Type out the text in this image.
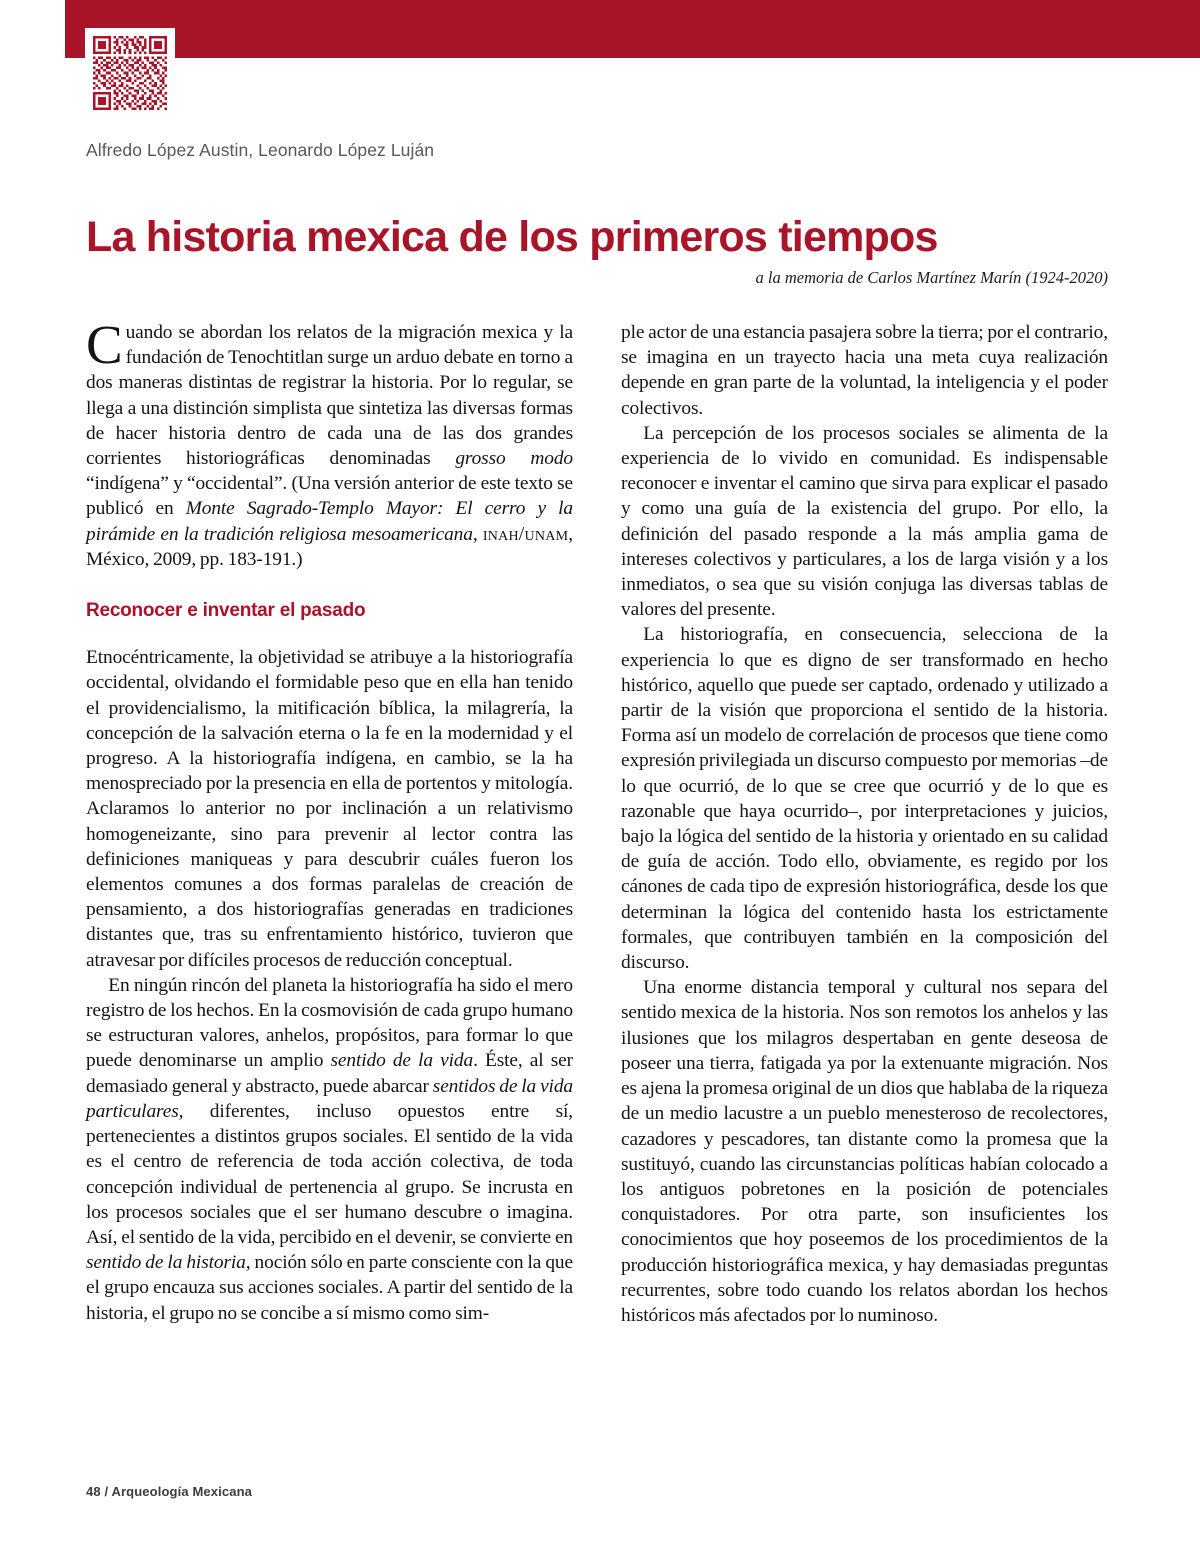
Alfredo López Austin, Leonardo López Luján
La historia mexica de los primeros tiempos
a la memoria de Carlos Martínez Marín (1924-2020)

Cuando se abordan los relatos de la migración mexica y la fundación de Tenochtitlan surge un arduo debate en torno a dos maneras distintas de registrar la historia. Por lo regular, se llega a una distinción simplista que sintetiza las diversas formas de hacer historia dentro de cada una de las dos grandes corrientes historiográficas denominadas grosso modo “indígena” y “occidental”. (Una versión anterior de este texto se publicó en Monte Sagrado-Templo Mayor: El cerro y la pirámide en la tradición religiosa mesoamericana, inah/unam, México, 2009, pp. 183-191.)

Reconocer e inventar el pasado

Etnocéntricamente, la objetividad se atribuye a la historiografía occidental, olvidando el formidable peso que en ella han tenido el providencialismo, la mitificación bíblica, la milagrería, la concepción de la salvación eterna o la fe en la modernidad y el progreso. A la historiografía indígena, en cambio, se la ha menospreciado por la presencia en ella de portentos y mitología. Aclaramos lo anterior no por inclinación a un relativismo homogeneizante, sino para prevenir al lector contra las definiciones maniqueas y para descubrir cuáles fueron los elementos comunes a dos formas paralelas de creación de pensamiento, a dos historiografías generadas en tradiciones distantes que, tras su enfrentamiento histórico, tuvieron que atravesar por difíciles procesos de reducción conceptual.

En ningún rincón del planeta la historiografía ha sido el mero registro de los hechos. En la cosmovisión de cada grupo humano se estructuran valores, anhelos, propósitos, para formar lo que puede denominarse un amplio sentido de la vida. Éste, al ser demasiado general y abstracto, puede abarcar sentidos de la vida particulares, diferentes, incluso opuestos entre sí, pertenecientes a distintos grupos sociales. El sentido de la vida es el centro de referencia de toda acción colectiva, de toda concepción individual de pertenencia al grupo. Se incrusta en los procesos sociales que el ser humano descubre o imagina. Así, el sentido de la vida, percibido en el devenir, se convierte en sentido de la historia, noción sólo en parte consciente con la que el grupo encauza sus acciones sociales. A partir del sentido de la historia, el grupo no se concibe a sí mismo como sim-

ple actor de una estancia pasajera sobre la tierra; por el contrario, se imagina en un trayecto hacia una meta cuya realización depende en gran parte de la voluntad, la inteligencia y el poder colectivos.

La percepción de los procesos sociales se alimenta de la experiencia de lo vivido en comunidad. Es indispensable reconocer e inventar el camino que sirva para explicar el pasado y como una guía de la existencia del grupo. Por ello, la definición del pasado responde a la más amplia gama de intereses colectivos y particulares, a los de larga visión y a los inmediatos, o sea que su visión conjuga las diversas tablas de valores del presente.

La historiografía, en consecuencia, selecciona de la experiencia lo que es digno de ser transformado en hecho histórico, aquello que puede ser captado, ordenado y utilizado a partir de la visión que proporciona el sentido de la historia. Forma así un modelo de correlación de procesos que tiene como expresión privilegiada un discurso compuesto por memorias –de lo que ocurrió, de lo que se cree que ocurrió y de lo que es razonable que haya ocurrido–, por interpretaciones y juicios, bajo la lógica del sentido de la historia y orientado en su calidad de guía de acción. Todo ello, obviamente, es regido por los cánones de cada tipo de expresión historiográfica, desde los que determinan la lógica del contenido hasta los estrictamente formales, que contribuyen también en la composición del discurso.

Una enorme distancia temporal y cultural nos separa del sentido mexica de la historia. Nos son remotos los anhelos y las ilusiones que los milagros despertaban en gente deseosa de poseer una tierra, fatigada ya por la extenuante migración. Nos es ajena la promesa original de un dios que hablaba de la riqueza de un medio lacustre a un pueblo menesteroso de recolectores, cazadores y pescadores, tan distante como la promesa que la sustituyó, cuando las circunstancias políticas habían colocado a los antiguos pobretones en la posición de potenciales conquistadores. Por otra parte, son insuficientes los conocimientos que hoy poseemos de los procedimientos de la producción historiográfica mexica, y hay demasiadas preguntas recurrentes, sobre todo cuando los relatos abordan los hechos históricos más afectados por lo numinoso.

48 / Arqueología Mexicana
